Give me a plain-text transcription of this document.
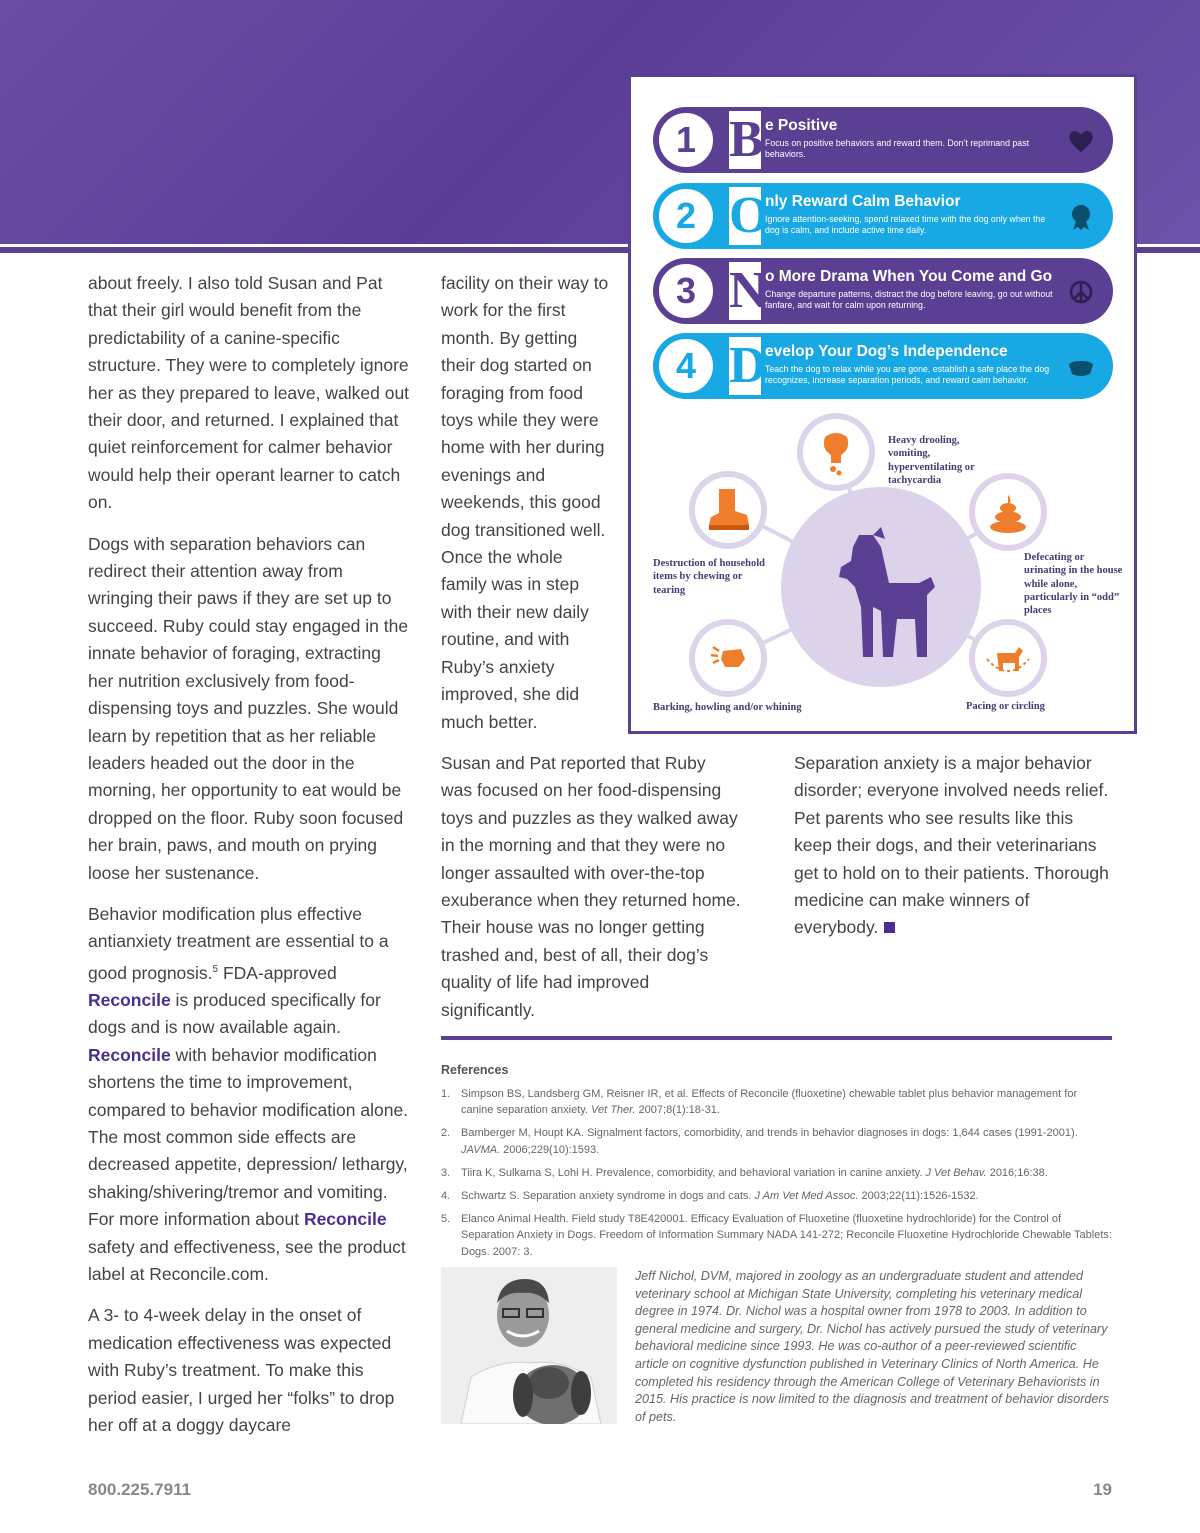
about freely. I also told Susan and Pat that their girl would benefit from the predictability of a canine-specific structure. They were to completely ignore her as they prepared to leave, walked out their door, and returned. I explained that quiet reinforcement for calmer behavior would help their operant learner to catch on.

Dogs with separation behaviors can redirect their attention away from wringing their paws if they are set up to succeed. Ruby could stay engaged in the innate behavior of foraging, extracting her nutrition exclusively from food-dispensing toys and puzzles. She would learn by repetition that as her reliable leaders headed out the door in the morning, her opportunity to eat would be dropped on the floor. Ruby soon focused her brain, paws, and mouth on prying loose her sustenance.

Behavior modification plus effective antianxiety treatment are essential to a good prognosis.$^5$ FDA-approved Reconcile is produced specifically for dogs and is now available again. Reconcile with behavior modification shortens the time to improvement, compared to behavior modification alone. The most common side effects are decreased appetite, depression/ lethargy, shaking/shivering/tremor and vomiting. For more information about Reconcile safety and effectiveness, see the product label at Reconcile.com.

A 3- to 4-week delay in the onset of medication effectiveness was expected with Ruby’s treatment. To make this period easier, I urged her “folks” to drop her off at a doggy daycare

facility on their way to work for the first month. By getting their dog started on foraging from food toys while they were home with her during evenings and weekends, this good dog transitioned well. Once the whole family was in step with their new daily routine, and with Ruby’s anxiety improved, she did much better.

Susan and Pat reported that Ruby was focused on her food-dispensing toys and puzzles as they walked away in the morning and that they were no longer assaulted with over-the-top exuberance when they returned home. Their house was no longer getting trashed and, best of all, their dog’s quality of life had improved significantly.

Separation anxiety is a major behavior disorder; everyone involved needs relief. Pet parents who see results like this keep their dogs, and their veterinarians get to hold on to their patients. Thorough medicine can make winners of everybody.

1 B e Positive
Focus on positive behaviors and reward them. Don’t reprimand past behaviors.
2 O
nly Reward Calm Behavior
Ignore attention-seeking, spend relaxed time with the dog only when the dog is calm, and include active time daily.
3 N
o More Drama When You Come and Go
Change departure patterns, distract the dog before leaving, go out without fanfare, and wait for calm upon returning.
4 D
evelop Your Dog’s Independence
Teach the dog to relax while you are gone, establish a safe place the dog recognizes, increase separation periods, and reward calm behavior.
Heavy drooling, vomiting, hyperventilating or tachycardia
Destruction of household items by chewing or tearing
Defecating or urinating in the house while alone, particularly in “odd” places
Barking, howling and/or whining	Pacing or circling
References
1. Simpson BS, Landsberg GM, Reisner IR, et al. Effects of Reconcile (fluoxetine) chewable tablet plus behavior management for canine separation anxiety. Vet Ther. 2007;8(1):18-31.
2. Bamberger M, Houpt KA. Signalment factors, comorbidity, and trends in behavior diagnoses in dogs: 1,644 cases (1991-2001). JAVMA. 2006;229(10):1593.
3. Tiira K, Sulkama S, Lohi H. Prevalence, comorbidity, and behavioral variation in canine anxiety. J Vet Behav. 2016;16:38.
4. Schwartz S. Separation anxiety syndrome in dogs and cats. J Am Vet Med Assoc. 2003;22(11):1526-1532.
5. Elanco Animal Health. Field study T8E420001. Efficacy Evaluation of Fluoxetine (fluoxetine hydrochloride) for the Control of Separation Anxiety in Dogs. Freedom of Information Summary NADA 141-272; Reconcile Fluoxetine Hydrochloride Chewable Tablets: Dogs. 2007: 3.
Jeff Nichol, DVM, majored in zoology as an undergraduate student and attended veterinary school at Michigan State University, completing his veterinary medical degree in 1974. Dr. Nichol was a hospital owner from 1978 to 2003. In addition to general medicine and surgery, Dr. Nichol has actively pursued the study of veterinary behavioral medicine since 1993. He was co-author of a peer-reviewed scientific article on cognitive dysfunction published in Veterinary Clinics of North America. He completed his residency through the American College of Veterinary Behaviorists in 2015. His practice is now limited to the diagnosis and treatment of behavior disorders of pets.
800.225.7911	19
